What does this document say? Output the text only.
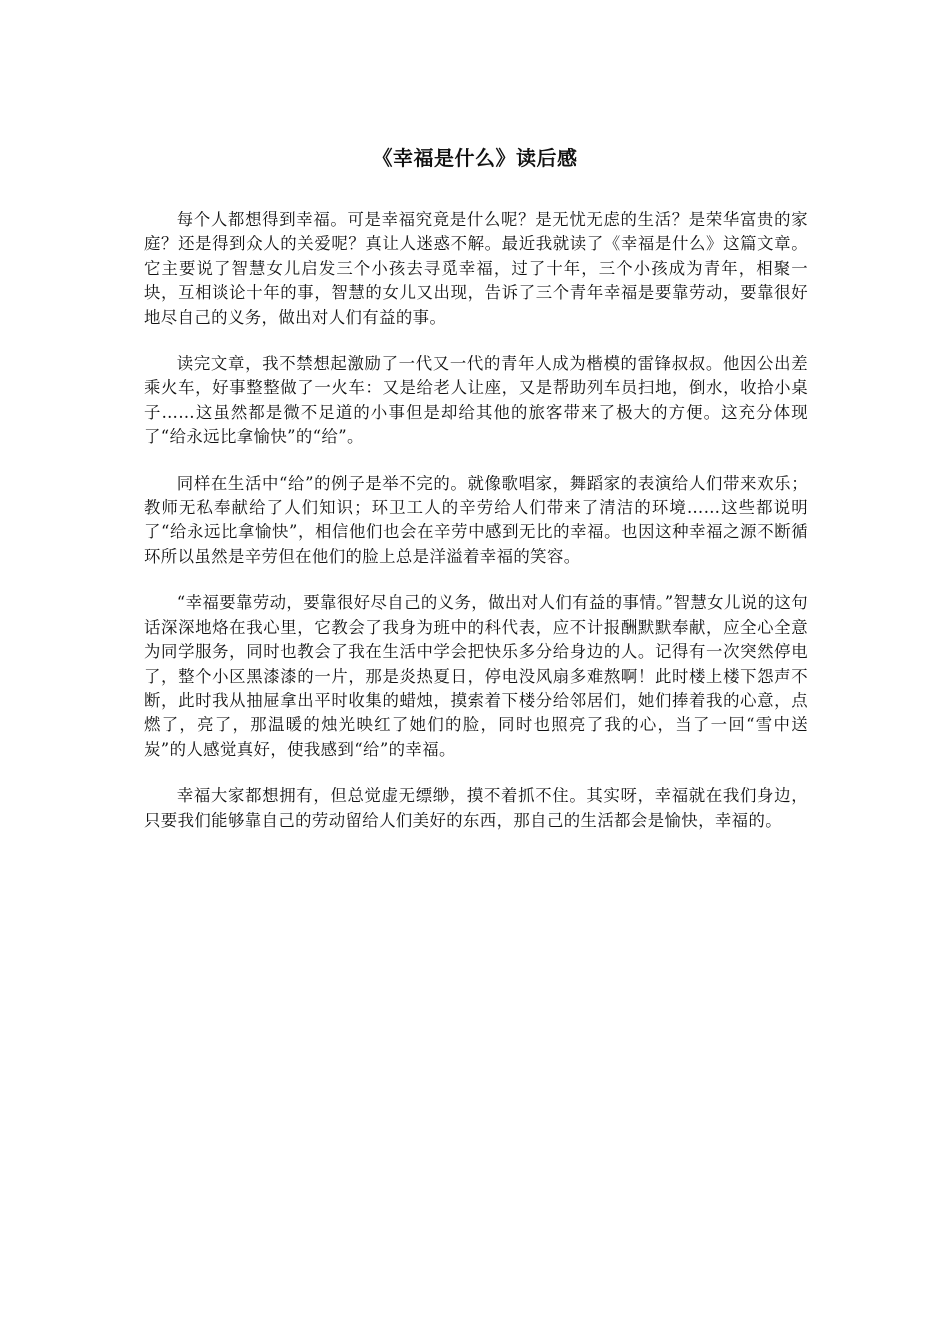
《幸福是什么》读后感

每个人都想得到幸福。可是幸福究竟是什么呢？是无忧无虑的生活？是荣华富贵的家庭？还是得到众人的关爱呢？真让人迷惑不解。最近我就读了《幸福是什么》这篇文章。它主要说了智慧女儿启发三个小孩去寻觅幸福，过了十年，三个小孩成为青年，相聚一块，互相谈论十年的事，智慧的女儿又出现，告诉了三个青年幸福是要靠劳动，要靠很好地尽自己的义务，做出对人们有益的事。

读完文章，我不禁想起激励了一代又一代的青年人成为楷模的雷锋叔叔。他因公出差乘火车，好事整整做了一火车：又是给老人让座，又是帮助列车员扫地，倒水，收拾小桌子……这虽然都是微不足道的小事但是却给其他的旅客带来了极大的方便。这充分体现了“给永远比拿愉快”的“给”。

同样在生活中“给”的例子是举不完的。就像歌唱家，舞蹈家的表演给人们带来欢乐；教师无私奉献给了人们知识；环卫工人的辛劳给人们带来了清洁的环境……这些都说明了“给永远比拿愉快”，相信他们也会在辛劳中感到无比的幸福。也因这种幸福之源不断循环所以虽然是辛劳但在他们的脸上总是洋溢着幸福的笑容。

“幸福要靠劳动，要靠很好尽自己的义务，做出对人们有益的事情。”智慧女儿说的这句话深深地烙在我心里，它教会了我身为班中的科代表，应不计报酬默默奉献，应全心全意为同学服务，同时也教会了我在生活中学会把快乐多分给身边的人。记得有一次突然停电了，整个小区黑漆漆的一片，那是炎热夏日，停电没风扇多难熬啊！此时楼上楼下怨声不断，此时我从抽屉拿出平时收集的蜡烛，摸索着下楼分给邻居们，她们捧着我的心意，点燃了，亮了，那温暖的烛光映红了她们的脸，同时也照亮了我的心，当了一回“雪中送炭”的人感觉真好，使我感到“给”的幸福。

幸福大家都想拥有，但总觉虚无缥缈，摸不着抓不住。其实呀，幸福就在我们身边，只要我们能够靠自己的劳动留给人们美好的东西，那自己的生活都会是愉快，幸福的。
